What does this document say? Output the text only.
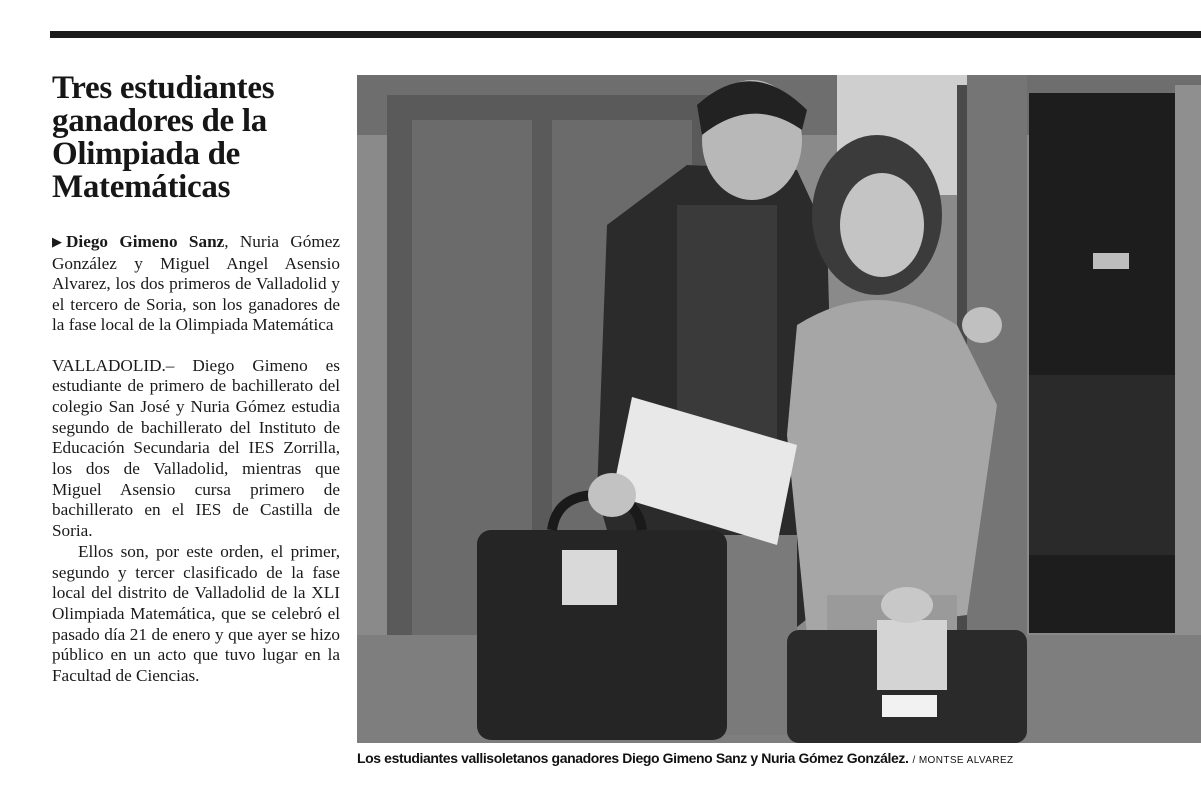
Tres estudiantes ganadores de la Olimpiada de Matemáticas
▶ Diego Gimeno Sanz, Nuria Gómez González y Miguel Angel Asensio Alvarez, los dos primeros de Valladolid y el tercero de Soria, son los ganadores de la fase local de la Olimpiada Matemática

VALLADOLID.– Diego Gimeno es estudiante de primero de bachillerato del colegio San José y Nuria Gómez estudia segundo de bachillerato del Instituto de Educación Secundaria del IES Zorrilla, los dos de Valladolid, mientras que Miguel Asensio cursa primero de bachillerato en el IES de Castilla de Soria.

Ellos son, por este orden, el primer, segundo y tercer clasificado de la fase local del distrito de Valladolid de la XLI Olimpiada Matemática, que se celebró el pasado día 21 de enero y que ayer se hizo público en un acto que tuvo lugar en la Facultad de Ciencias.

Los estudiantes vallisoletanos ganadores Diego Gimeno Sanz y Nuria Gómez González. / MONTSE ALVAREZ
